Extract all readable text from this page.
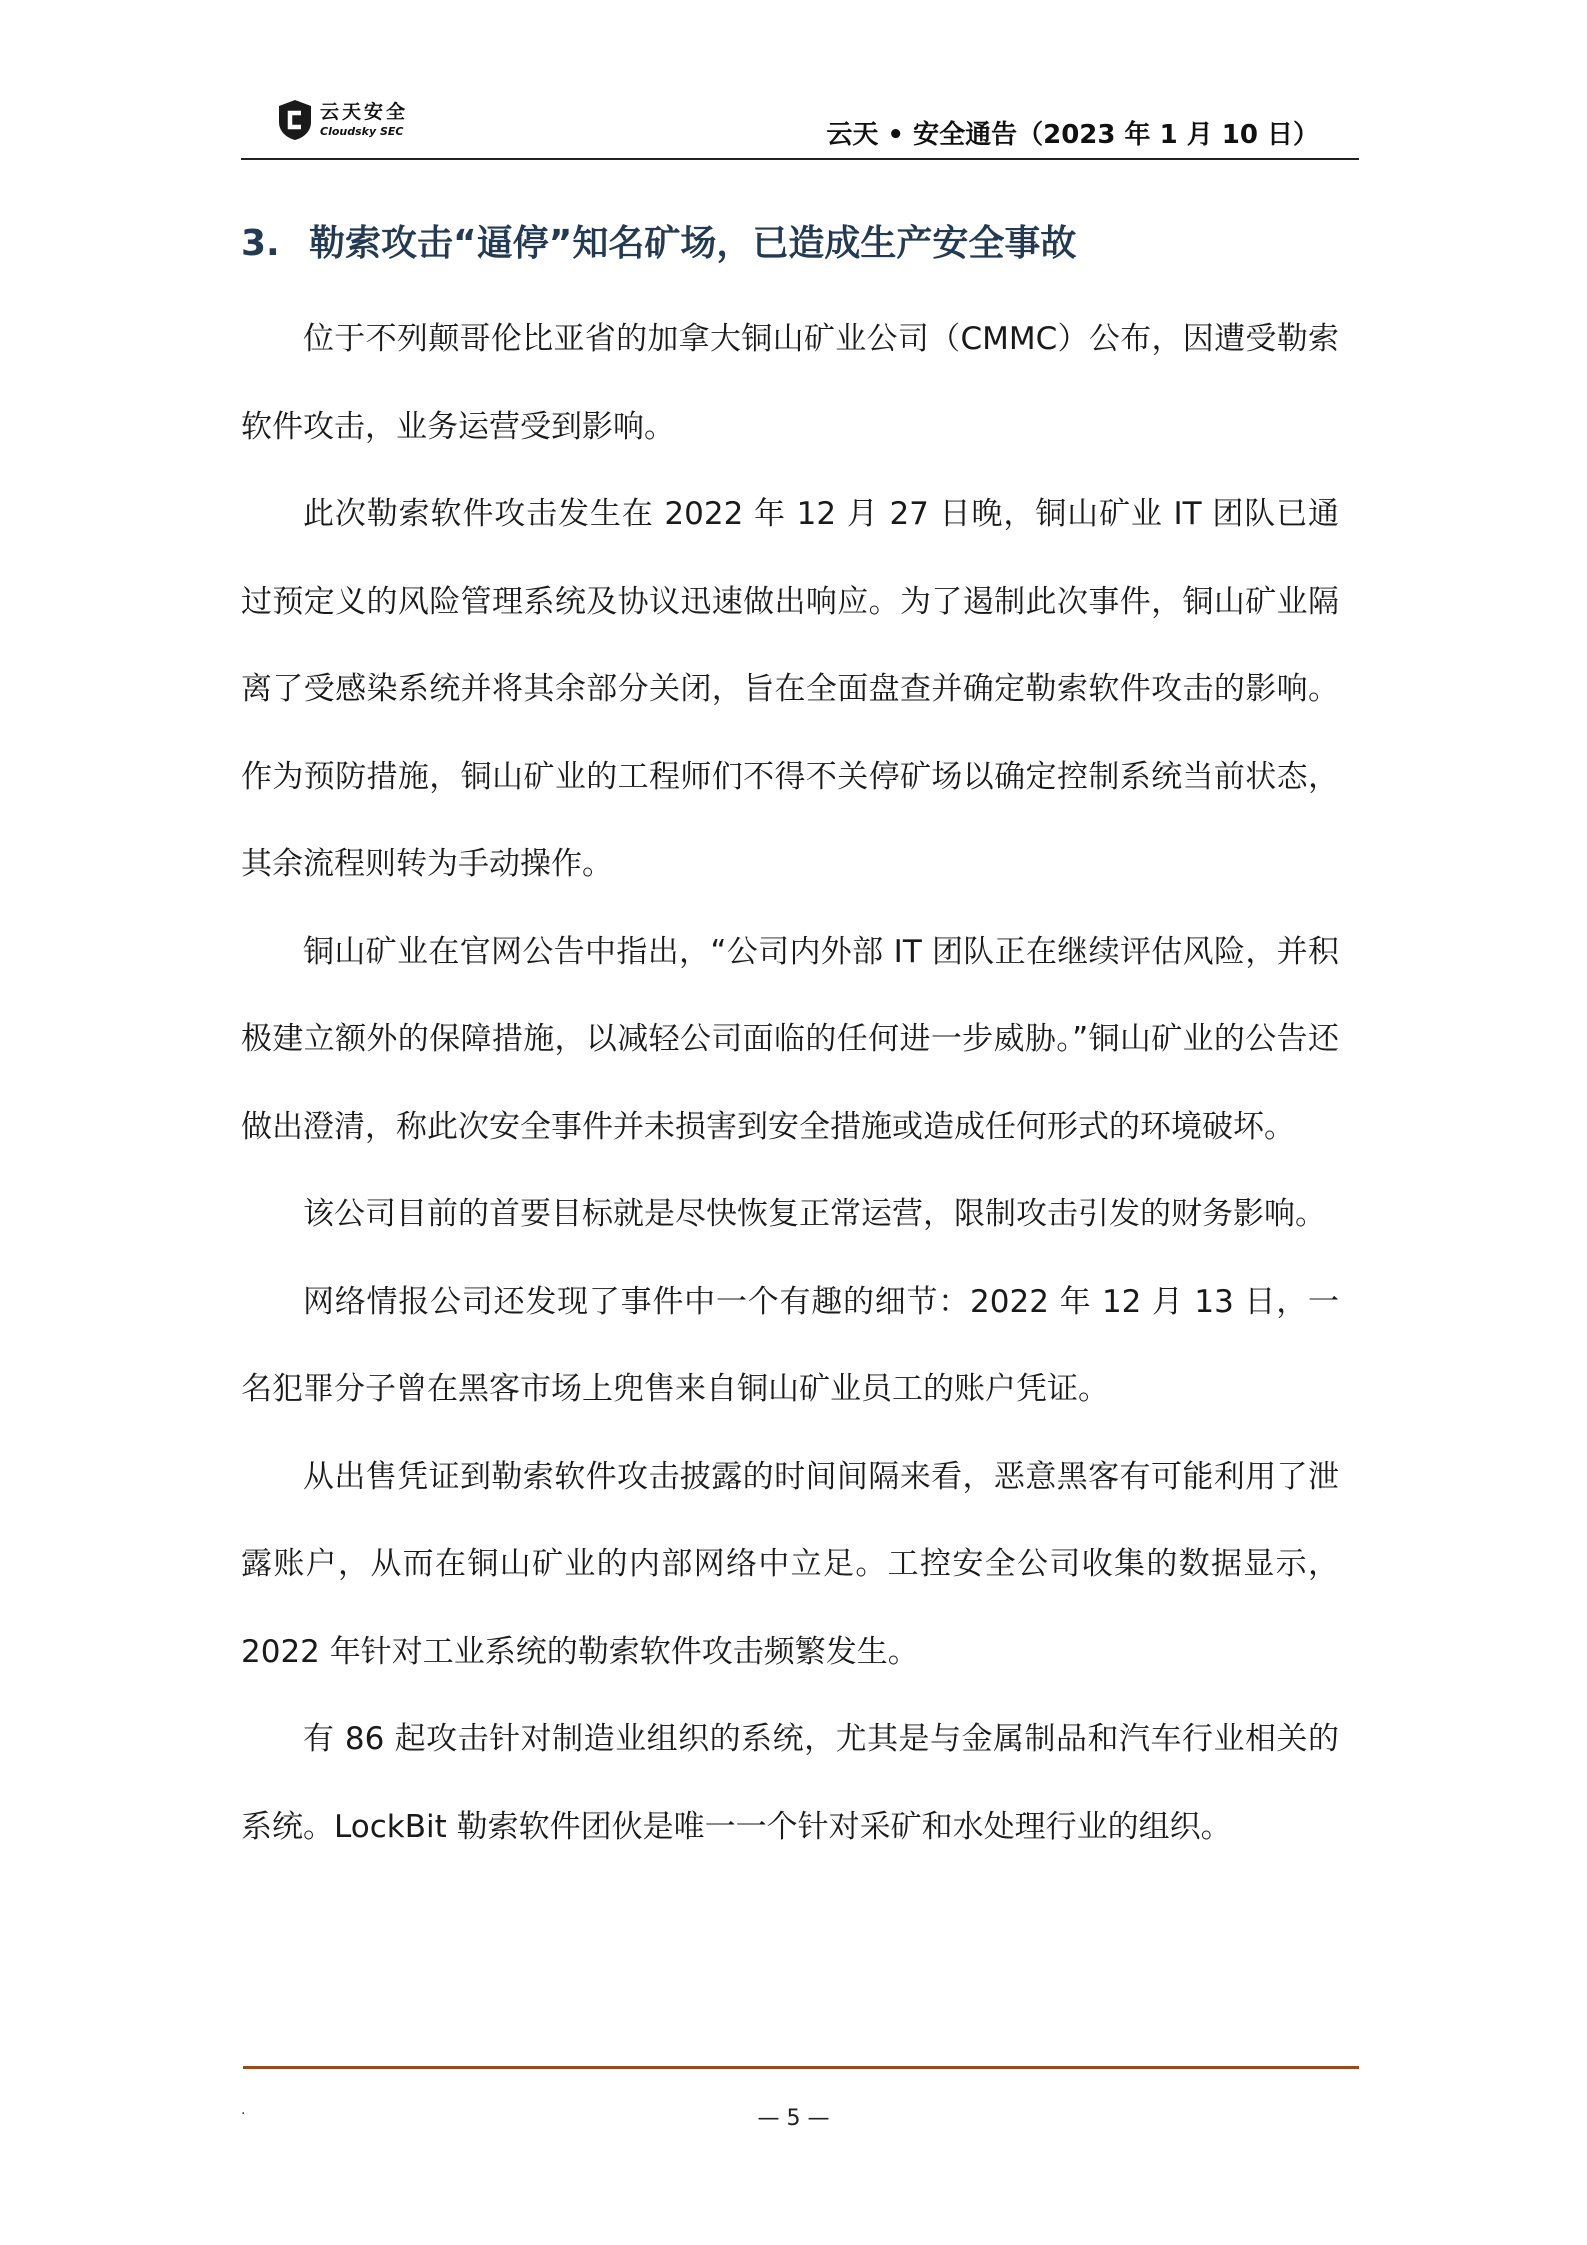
云天安全
Cloudsky SEC	云天 • 安全通告（2023 年 1 月 10 日）
3. 勒索攻击“逼停”知名矿场，已造成生产安全事故

位于不列颠哥伦比亚省的加拿大铜山矿业公司（CMMC）公布，因遭受勒索软件攻击，业务运营受到影响。

此次勒索软件攻击发生在 2022 年 12 月 27 日晚，铜山矿业 IT 团队已通过预定义的风险管理系统及协议迅速做出响应。为了遏制此次事件，铜山矿业隔离了受感染系统并将其余部分关闭，旨在全面盘查并确定勒索软件攻击的影响。作为预防措施，铜山矿业的工程师们不得不关停矿场以确定控制系统当前状态，其余流程则转为手动操作。

铜山矿业在官网公告中指出，“公司内外部 IT 团队正在继续评估风险，并积极建立额外的保障措施，以减轻公司面临的任何进一步威胁。”铜山矿业的公告还做出澄清，称此次安全事件并未损害到安全措施或造成任何形式的环境破坏。

该公司目前的首要目标就是尽快恢复正常运营，限制攻击引发的财务影响。

网络情报公司还发现了事件中一个有趣的细节：2022 年 12 月 13 日，一名犯罪分子曾在黑客市场上兜售来自铜山矿业员工的账户凭证。

从出售凭证到勒索软件攻击披露的时间间隔来看，恶意黑客有可能利用了泄露账户，从而在铜山矿业的内部网络中立足。工控安全公司收集的数据显示，2022 年针对工业系统的勒索软件攻击频繁发生。

有 86 起攻击针对制造业组织的系统，尤其是与金属制品和汽车行业相关的系统。LockBit 勒索软件团伙是唯一一个针对采矿和水处理行业的组织。

.	— 5 —
